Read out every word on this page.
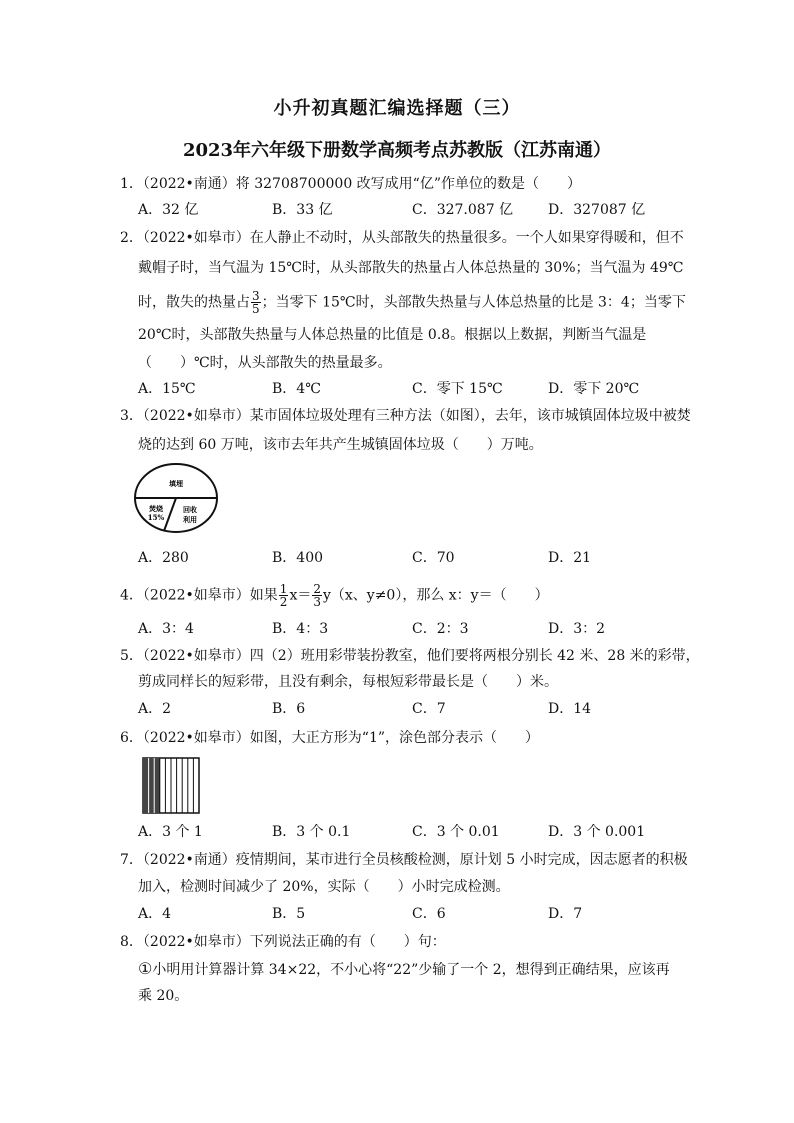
小升初真题汇编选择题（三）
2023年六年级下册数学高频考点苏教版（江苏南通）
1．（2022•南通）将 32708700000 改写成用“亿”作单位的数是（　　）
A．32 亿	B．33 亿	C．327.087 亿 D．327087 亿
2．（2022•如皋市）在人静止不动时，从头部散失的热量很多。一个人如果穿得暖和，但不
戴帽子时，当气温为 15℃时，从头部散失的热量占人体总热量的 30%；当气温为 49℃
时，散失的热量占 $\frac{3}{5}$ ；当零下 15℃时，头部散失热量与人体总热量的比是 3：4；当零下
20℃时，头部散失热量与人体总热量的比值是 0.8。根据以上数据，判断当气温是
（　　）℃时，从头部散失的热量最多。
A．15℃	B．4℃	C．零下 15℃	D．零下 20℃
3．（2022•如皋市）某市固体垃圾处理有三种方法（如图），去年，该市城镇固体垃圾中被焚
烧的达到 60 万吨，该市去年共产生城镇固体垃圾（　　）万吨。
填埋
焚烧
15%
回收
利用
A．280	B．400	C．70	D．21
4．（2022•如皋市）如果 $\frac{1}{2} x= \frac{2}{3} y(x$、y≠0），那么 x：y＝（　　）
A．3：4	B．4：3	C．2：3	D．3：2
5．（2022•如皋市）四（2）班用彩带装扮教室，他们要将两根分别长 42 米、28 米的彩带，
剪成同样长的短彩带，且没有剩余，每根短彩带最长是（　　）米。
A．2	B．6	C．7	D．14
6．（2022•如皋市）如图，大正方形为“1”，涂色部分表示（　　）
A．3 个 1	B．3 个 0.1	C．3 个 0.01	D．3 个 0.001
7．（2022•南通）疫情期间，某市进行全员核酸检测，原计划 5 小时完成，因志愿者的积极
加入，检测时间减少了 20%，实际（　　）小时完成检测。
A．4	B．5	C．6	D．7
8．（2022•如皋市）下列说法正确的有（　　）句：
①小明用计算器计算 34×22，不小心将“22”少输了一个 2，想得到正确结果，应该再
乘 20。
